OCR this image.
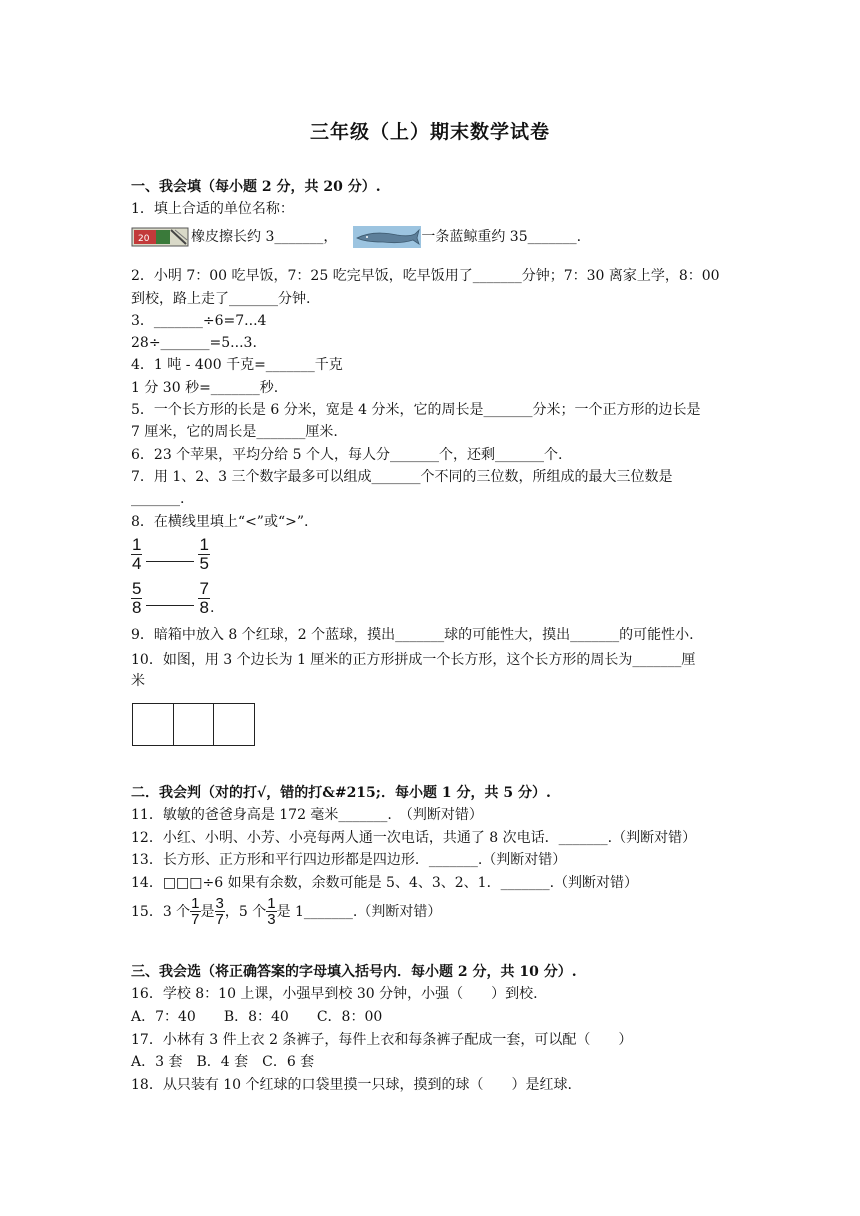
三年级（上）期末数学试卷
一、我会填（每小题 2 分，共 20 分）.
1．填上合适的单位名称：
20	橡皮擦长约 3_______，	一条蓝鲸重约 35_______.
2．小明 7：00 吃早饭，7：25 吃完早饭，吃早饭用了_______分钟；7：30 离家上学，8：00
到校，路上走了_______分钟.
3．_______÷6=7...4
28÷_______=5...3.
4．1 吨 - 400 千克=_______千克
1 分 30 秒=_______秒.
5．一个长方形的长是 6 分米，宽是 4 分米，它的周长是_______分米；一个正方形的边长是
7 厘米，它的周长是_______厘米.
6．23 个苹果，平均分给 5 个人，每人分_______个，还剩_______个.
7．用 1、2、3 三个数字最多可以组成_______个不同的三位数，所组成的最大三位数是
_______.
8．在横线里填上“<”或“>”.
$\frac{1}{4}$	$\frac{1}{5}$
$\frac{5}{8}$	$\frac{7}{8}$ .
9．暗箱中放入 8 个红球，2 个蓝球，摸出_______球的可能性大，摸出_______的可能性小.
10．如图，用 3 个边长为 1 厘米的正方形拼成一个长方形，这个长方形的周长为_______厘
米
二．我会判（对的打√，错的打&#215;．每小题 1 分，共 5 分）.
11．敏敏的爸爸身高是 172 毫米_______.　（判断对错）
12．小红、小明、小芳、小亮每两人通一次电话，共通了 8 次电话．_______.（判断对错）
13．长方形、正方形和平行四边形都是四边形．_______.（判断对错）
14．□□□÷6 如果有余数，余数可能是 5、4、3、2、1．_______.（判断对错）
15．3 个 $\frac{1}{7}$ 是 $\frac{3}{7}$ ，5 个 $\frac{1}{3}$ 是 1_______.（判断对错）
三、我会选（将正确答案的字母填入括号内．每小题 2 分，共 10 分）.
16．学校 8：10 上课，小强早到校 30 分钟，小强（　　）到校.
A．7：40　　B．8：40　　C．8：00
17．小林有 3 件上衣 2 条裤子，每件上衣和每条裤子配成一套，可以配（　　）
A．3 套　B．4 套　C．6 套
18．从只装有 10 个红球的口袋里摸一只球，摸到的球（　　）是红球.
